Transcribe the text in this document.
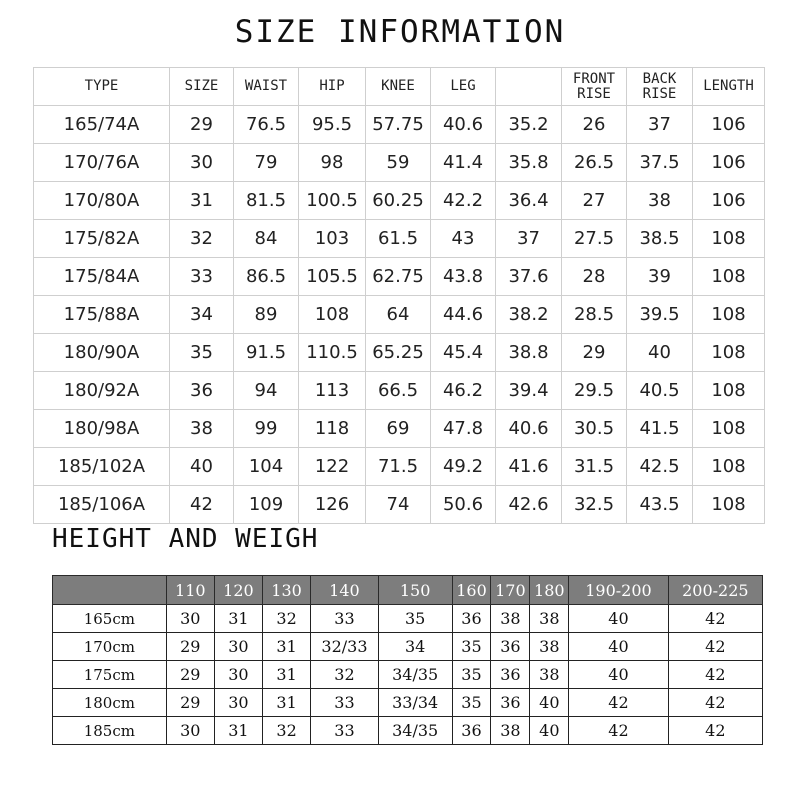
SIZE INFORMATION
TYPE	SIZE	WAIST	HIP	KNEE	LEG		FRONT RISE	BACK RISE	LENGTH
165/74A	29	76.5	95.5	57.75	40.6	35.2	26	37	106
170/76A	30	79	98	59	41.4	35.8	26.5	37.5	106
170/80A	31	81.5	100.5	60.25	42.2	36.4	27	38	106
175/82A	32	84	103	61.5	43	37	27.5	38.5	108
175/84A	33	86.5	105.5	62.75	43.8	37.6	28	39	108
175/88A	34	89	108	64	44.6	38.2	28.5	39.5	108
180/90A	35	91.5	110.5	65.25	45.4	38.8	29	40	108
180/92A	36	94	113	66.5	46.2	39.4	29.5	40.5	108
180/98A	38	99	118	69	47.8	40.6	30.5	41.5	108
185/102A	40	104	122	71.5	49.2	41.6	31.5	42.5	108
185/106A	42	109	126	74	50.6	42.6	32.5	43.5	108
HEIGHT AND WEIGH
	110	120	130	140	150	160	170	180	190-200	200-225
165cm	30	31	32	33	35	36	38	38	40	42
170cm	29	30	31	32/33	34	35	36	38	40	42
175cm	29	30	31	32	34/35	35	36	38	40	42
180cm	29	30	31	33	33/34	35	36	40	42	42
185cm	30	31	32	33	34/35	36	38	40	42	42
